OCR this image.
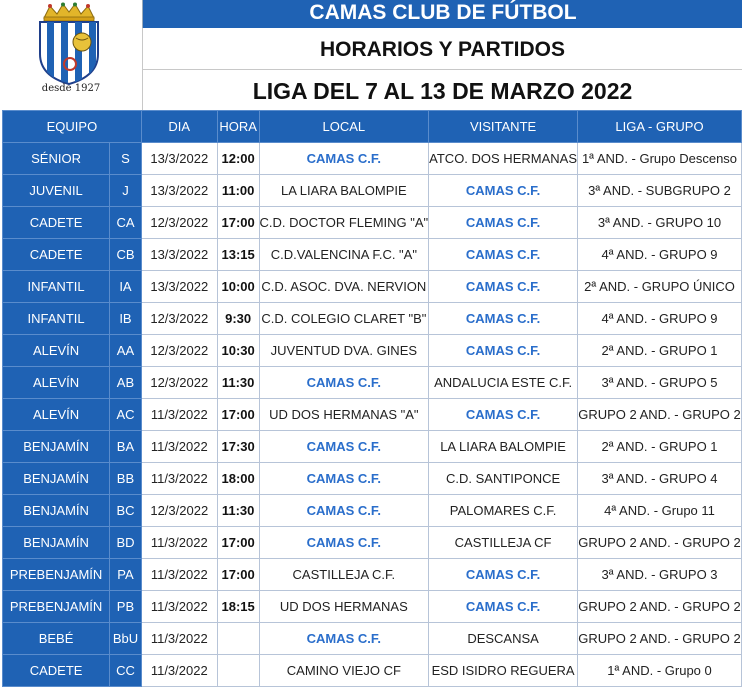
desde 1927
CAMAS CLUB DE FÚTBOL
HORARIOS Y PARTIDOS
LIGA DEL 7 AL 13 DE MARZO 2022
EQUIPO		DIA	HORA	LOCAL	VISITANTE	LIGA - GRUPO
SÉNIOR	S	13/3/2022	12:00	CAMAS C.F.	ATCO. DOS HERMANAS	1ª AND. - Grupo Descenso
JUVENIL	J	13/3/2022	11:00	LA LIARA BALOMPIE	CAMAS C.F.	3ª AND. - SUBGRUPO 2
CADETE	CA	12/3/2022	17:00	C.D. DOCTOR FLEMING "A"	CAMAS C.F.	3ª AND. - GRUPO 10
CADETE	CB	13/3/2022	13:15	C.D.VALENCINA F.C. "A"	CAMAS C.F.	4ª AND. - GRUPO 9
INFANTIL	IA	13/3/2022	10:00	C.D. ASOC. DVA. NERVION	CAMAS C.F.	2ª AND. - GRUPO ÚNICO
INFANTIL	IB	12/3/2022	9:30	C.D. COLEGIO CLARET "B"	CAMAS C.F.	4ª AND. - GRUPO 9
ALEVÍN	AA	12/3/2022	10:30	JUVENTUD DVA. GINES	CAMAS C.F.	2ª AND. - GRUPO 1
ALEVÍN	AB	12/3/2022	11:30	CAMAS C.F.	ANDALUCIA ESTE C.F.	3ª AND. - GRUPO 5
ALEVÍN	AC	11/3/2022	17:00	UD DOS HERMANAS "A"	CAMAS C.F.	GRUPO 2 AND. - GRUPO 2
BENJAMÍN	BA	11/3/2022	17:30	CAMAS C.F.	LA LIARA BALOMPIE	2ª AND. - GRUPO 1
BENJAMÍN	BB	11/3/2022	18:00	CAMAS C.F.	C.D. SANTIPONCE	3ª AND. - GRUPO 4
BENJAMÍN	BC	12/3/2022	11:30	CAMAS C.F.	PALOMARES C.F.	4ª AND. - Grupo 11
BENJAMÍN	BD	11/3/2022	17:00	CAMAS C.F.	CASTILLEJA CF	GRUPO 2 AND. - GRUPO 2
PREBENJAMÍN	PA	11/3/2022	17:00	CASTILLEJA C.F.	CAMAS C.F.	3ª AND. - GRUPO 3
PREBENJAMÍN	PB	11/3/2022	18:15	UD DOS HERMANAS	CAMAS C.F.	GRUPO 2 AND. - GRUPO 2
BEBÉ	BbU	11/3/2022		CAMAS C.F.	DESCANSA	GRUPO 2 AND. - GRUPO 2
CADETE	CC	11/3/2022		CAMINO VIEJO CF	ESD ISIDRO REGUERA	1ª AND. - Grupo 0
